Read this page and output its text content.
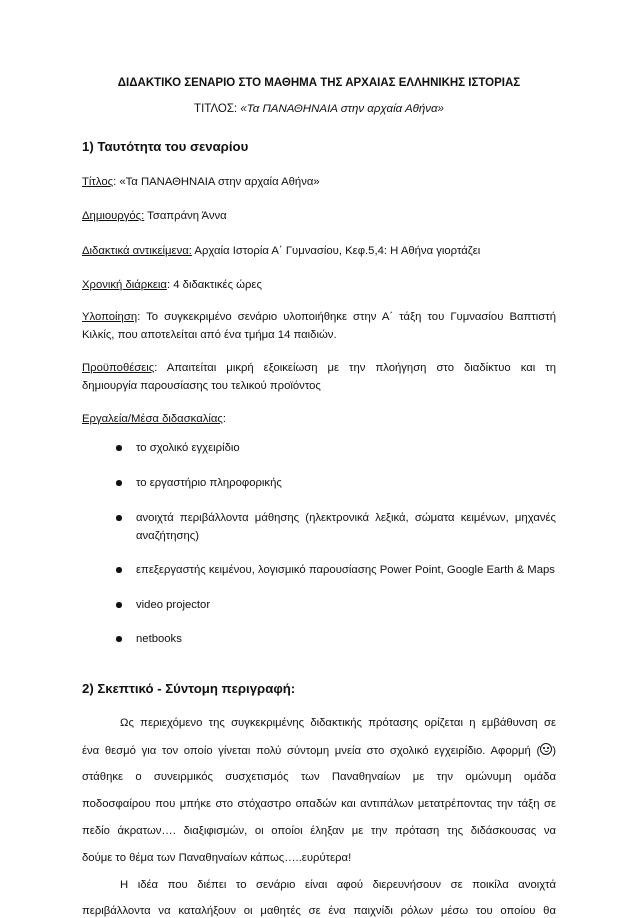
ΔΙΔΑΚΤΙΚΟ ΣΕΝΑΡΙΟ ΣΤΟ ΜΑΘΗΜΑ ΤΗΣ ΑΡΧΑΙΑΣ ΕΛΛΗΝΙΚΗΣ ΙΣΤΟΡΙΑΣ
ΤΙΤΛΟΣ: «Τα ΠΑΝΑΘΗΝΑΙΑ στην αρχαία Αθήνα»
1) Ταυτότητα του σεναρίου
Τίτλος: «Τα ΠΑΝΑΘΗΝΑΙΑ στην αρχαία Αθήνα»
Δημιουργός: Τσαπράνη Άννα
Διδακτικά αντικείμενα: Αρχαία Ιστορία Α΄ Γυμνασίου, Κεφ.5,4: Η Αθήνα γιορτάζει
Χρονική διάρκεια: 4 διδακτικές ώρες
Υλοποίηση: Το συγκεκριμένο σενάριο υλοποιήθηκε στην Α΄ τάξη του Γυμνασίου Βαπτιστή
Κιλκίς, που αποτελείται από ένα τμήμα 14 παιδιών.
Προϋποθέσεις: Απαιτείται μικρή εξοικείωση με την πλοήγηση στο διαδίκτυο και τη
δημιουργία παρουσίασης του τελικού προϊόντος
Εργαλεία/Μέσα διδασκαλίας:
το σχολικό εγχειρίδιο
το εργαστήριο πληροφορικής
ανοιχτά περιβάλλοντα μάθησης (ηλεκτρονικά λεξικά, σώματα κειμένων, μηχανές
αναζήτησης)
επεξεργαστής κειμένου, λογισμικό παρουσίασης Power Point, Google Earth & Maps
video projector
netbooks
2) Σκεπτικό - Σύντομη περιγραφή:
Ως περιεχόμενο της συγκεκριμένης διδακτικής πρότασης ορίζεται η εμβάθυνση σε
ένα θεσμό για τον οποίο γίνεται πολύ σύντομη μνεία στο σχολικό εγχειρίδιο. Αφορμή ( )
στάθηκε ο συνειρμικός συσχετισμός των Παναθηναίων με την ομώνυμη ομάδα
ποδοσφαίρου που μπήκε στο στόχαστρο οπαδών και αντιπάλων μετατρέποντας την τάξη σε
πεδίο άκρατων…. διαξιφισμών, οι οποίοι έληξαν με την πρόταση της διδάσκουσας να
δούμε το θέμα των Παναθηναίων κάπως…..ευρύτερα!
Η ιδέα που διέπει το σενάριο είναι αφού διερευνήσουν σε ποικίλα ανοιχτά
περιβάλλοντα να καταλήξουν οι μαθητές σε ένα παιχνίδι ρόλων μέσω του οποίου θα
